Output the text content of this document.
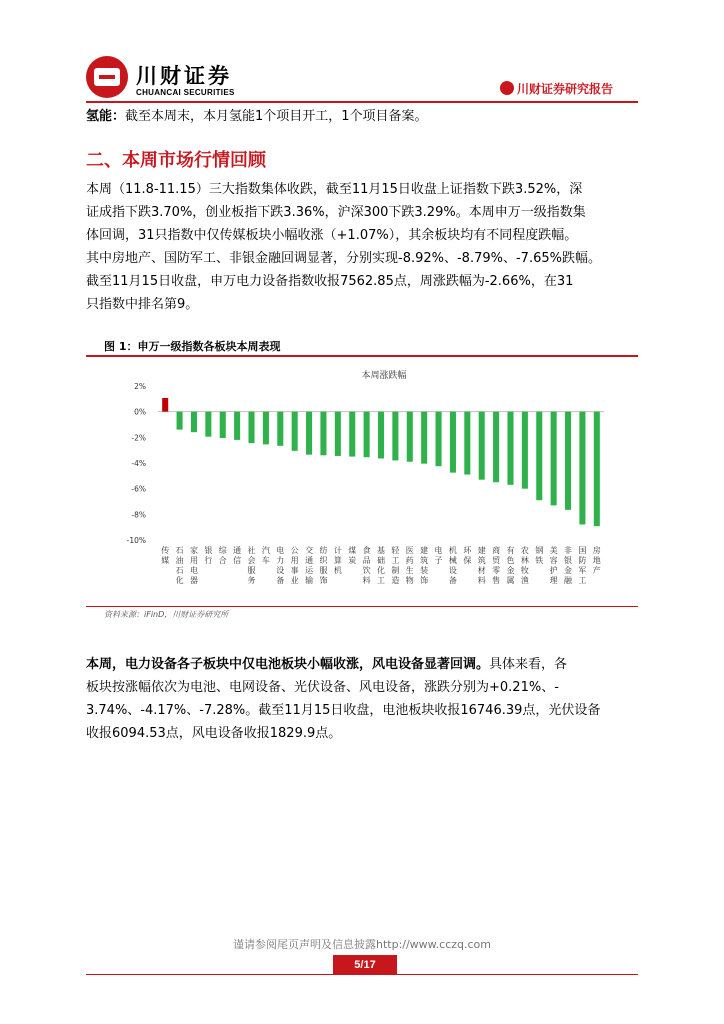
川财证券
CHUANCAI SECURITIES	川财证券研究报告
氢能：截至本周末，本月氢能1个项目开工，1个项目备案。
二、本周市场行情回顾
本周（11.8-11.15）三大指数集体收跌，截至11月15日收盘上证指数下跌3.52%，深
证成指下跌3.70%，创业板指下跌3.36%，沪深300下跌3.29%。本周申万一级指数集
体回调，31只指数中仅传媒板块小幅收涨（+1.07%），其余板块均有不同程度跌幅。
其中房地产、国防军工、非银金融回调显著，分别实现-8.92%、-8.79%、-7.65%跌幅。
截至11月15日收盘，申万电力设备指数收报7562.85点，周涨跌幅为-2.66%，在31
只指数中排名第9。
图 1：申万一级指数各板块本周表现
本周涨跌幅
2%
0%
-2%
-4%
-6%
-8%
-10%
传媒
石油石化
家用电器
银行
综合
通信
社会服务
汽车
电力设备
公用事业
交通运输
纺织服饰
计算机
煤炭
食品饮料
基础化工
轻工制造
医药生物
建筑装饰
电子
机械设备
环保
建筑材料
商贸零售
有色金属
农林牧渔
钢铁
美容护理
非银金融
国防军工
房地产
资料来源：iFinD，川财证券研究所
本周，电力设备各子板块中仅电池板块小幅收涨，风电设备显著回调。具体来看，各
板块按涨幅依次为电池、电网设备、光伏设备、风电设备，涨跌分别为+0.21%、-
3.74%、-4.17%、-7.28%。截至11月15日收盘，电池板块收报16746.39点，光伏设备
收报6094.53点，风电设备收报1829.9点。
谨请参阅尾页声明及信息披露http://www.cczq.com
5/17
